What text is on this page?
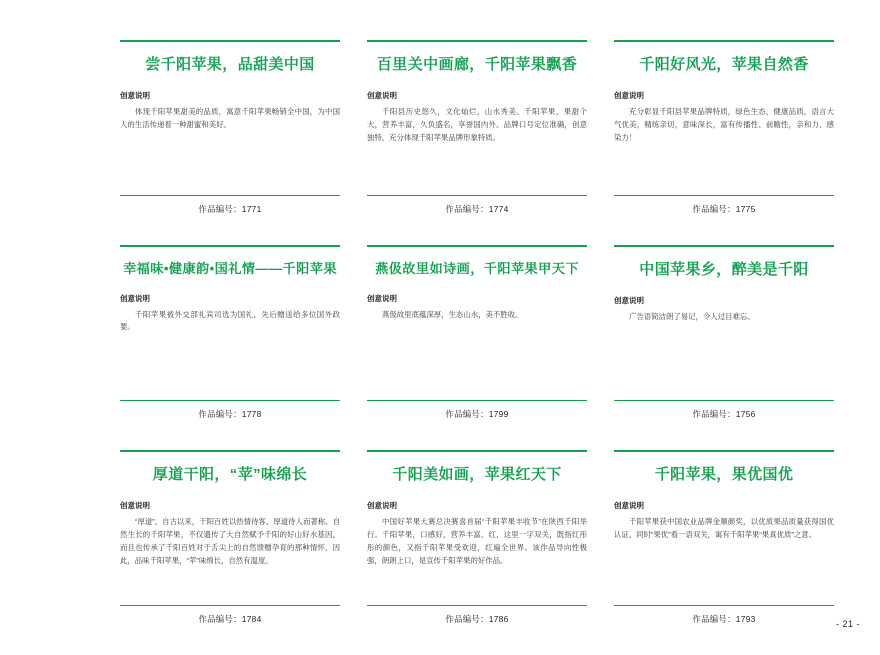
尝千阳苹果，品甜美中国
创意说明
体现千阳苹果甜美的品质，寓意千阳苹果畅销全中国，为中国人的生活传递着一种甜蜜和美好。
作品编号：1771
百里关中画廊，千阳苹果飘香
创意说明
千阳县历史悠久，文化灿烂，山水秀美。千阳苹果，果甜个大，营养丰富，久负盛名，享誉国内外。品牌口号定位准确，创意独特，充分体现千阳苹果品牌形象特质。
作品编号：1774
千阳好风光，苹果自然香
创意说明
充分彰显千阳县苹果品牌特质，绿色生态，健康品质，语言大气优美，精练亲切，意味深长，富有传播性、前瞻性，亲和力、感染力！
作品编号：1775
幸福味•健康韵•国礼情——千阳苹果
创意说明
千阳苹果被外交部礼宾司选为国礼，先后赠送给多位国外政要。
作品编号：1778
燕伋故里如诗画，千阳苹果甲天下
创意说明
燕伋故里底蕴深厚，生态山水，美不胜收。
作品编号：1799
中国苹果乡，醉美是千阳
创意说明
广告语简洁朗了易记，令人过目难忘。
作品编号：1756
厚道干阳，“苹”味绵长
创意说明
“厚道”，自古以来，干阳百姓以热情待客、厚道待人而著称。自然生长的千阳苹果，不仅遗传了大自然赋予千阳的好山好水基因，而且也传承了千阳百姓对于舌尖上的自然馈赠孕育的那种情怀，因此，品味千阳苹果，“苹”味绵长，自然有温度。
作品编号：1784
千阳美如画，苹果红天下
创意说明
中国好苹果大赛总决赛喜首届“千阳苹果丰收节”在陕西千阳举行。千阳苹果，口感好，营养丰富。红，这里一字双关，既指红彤彤的颜色，又指千阳苹果受欢迎，红遍全世界。该作品导向性极强，朗朗上口，是宣传千阳苹果的好作品。
作品编号：1786
千阳苹果，果优国优
创意说明
千阳苹果获中国农业品牌金顺颜奖，以优质果品质量获得国优认证。同时“果优”看一语双关，寓有千阳苹果“果真优质”之意。
作品编号：1793	- 21 -
